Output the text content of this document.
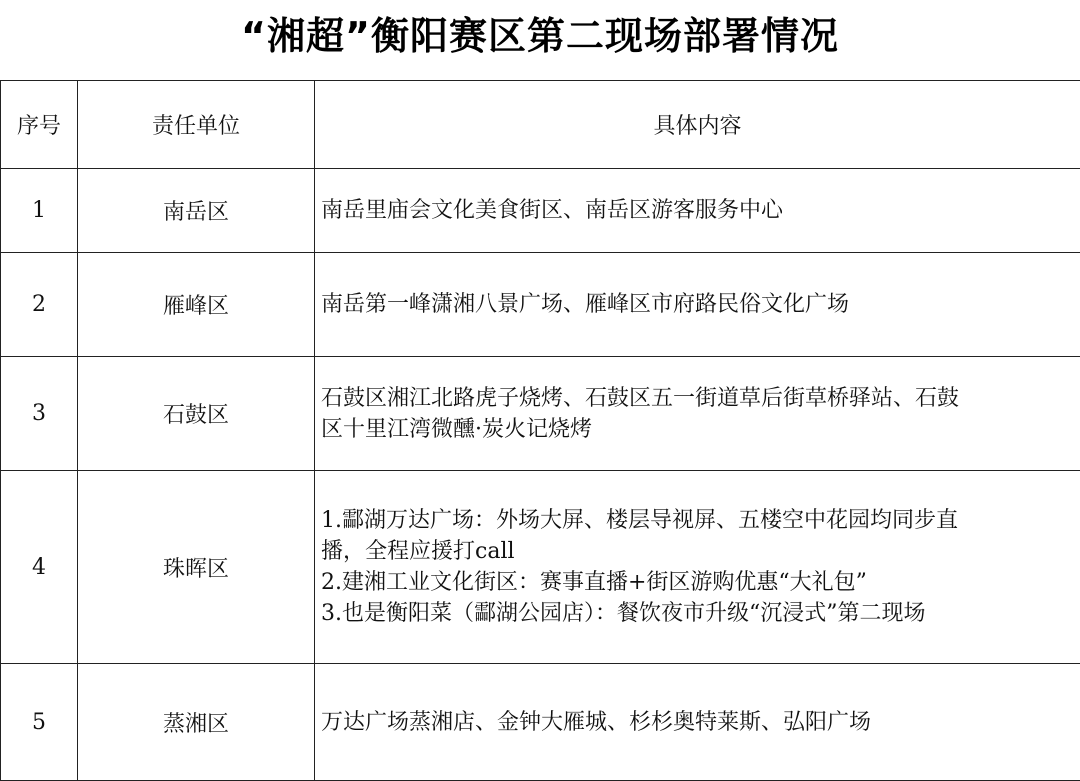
“湘超”衡阳赛区第二现场部署情况
序号	责任单位	具体内容
1	南岳区	南岳里庙会文化美食街区、南岳区游客服务中心

2	雁峰区	南岳第一峰潇湘八景广场、雁峰区市府路民俗文化广场

3	石鼓区	石鼓区湘江北路虎子烧烤、石鼓区五一街道草后街草桥驿站、石鼓
区十里江湾微醺·炭火记烧烤

4	珠晖区	1.酃湖万达广场：外场大屏、楼层导视屏、五楼空中花园均同步直
播，全程应援打call
2.建湘工业文化街区：赛事直播+街区游购优惠“大礼包”
3.也是衡阳菜（酃湖公园店）：餐饮夜市升级“沉浸式”第二现场

5	蒸湘区	万达广场蒸湘店、金钟大雁城、杉杉奥特莱斯、弘阳广场
